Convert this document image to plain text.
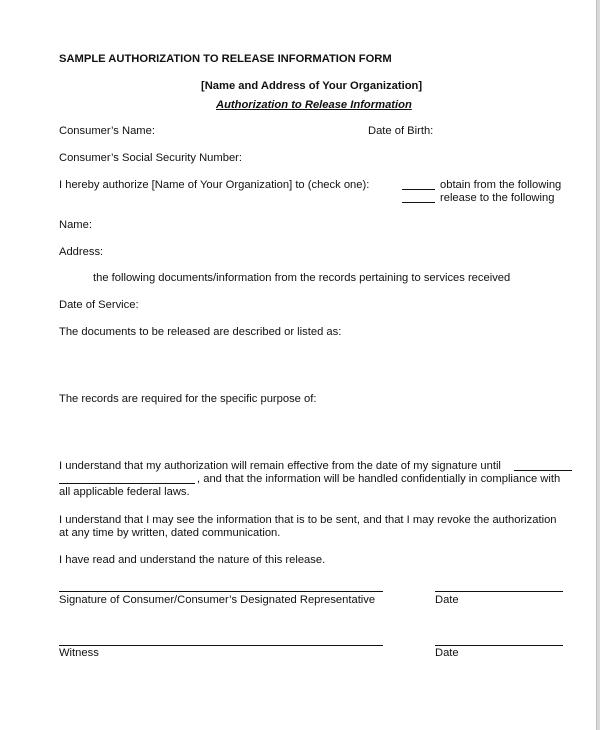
SAMPLE AUTHORIZATION TO RELEASE INFORMATION FORM
[Name and Address of Your Organization]
Authorization to Release Information
Consumer’s Name:	Date of Birth:
Consumer’s Social Security Number:
I hereby authorize [Name of Your Organization] to (check one):	obtain from the following
release to the following
Name:
Address:
the following documents/information from the records pertaining to services received
Date of Service:
The documents to be released are described or listed as:
The records are required for the specific purpose of:
I understand that my authorization will remain effective from the date of my signature until
, and that the information will be handled confidentially in compliance with
all applicable federal laws.
I understand that I may see the information that is to be sent, and that I may revoke the authorization
at any time by written, dated communication.
I have read and understand the nature of this release.
Signature of Consumer/Consumer’s Designated Representative	Date
Witness	Date
